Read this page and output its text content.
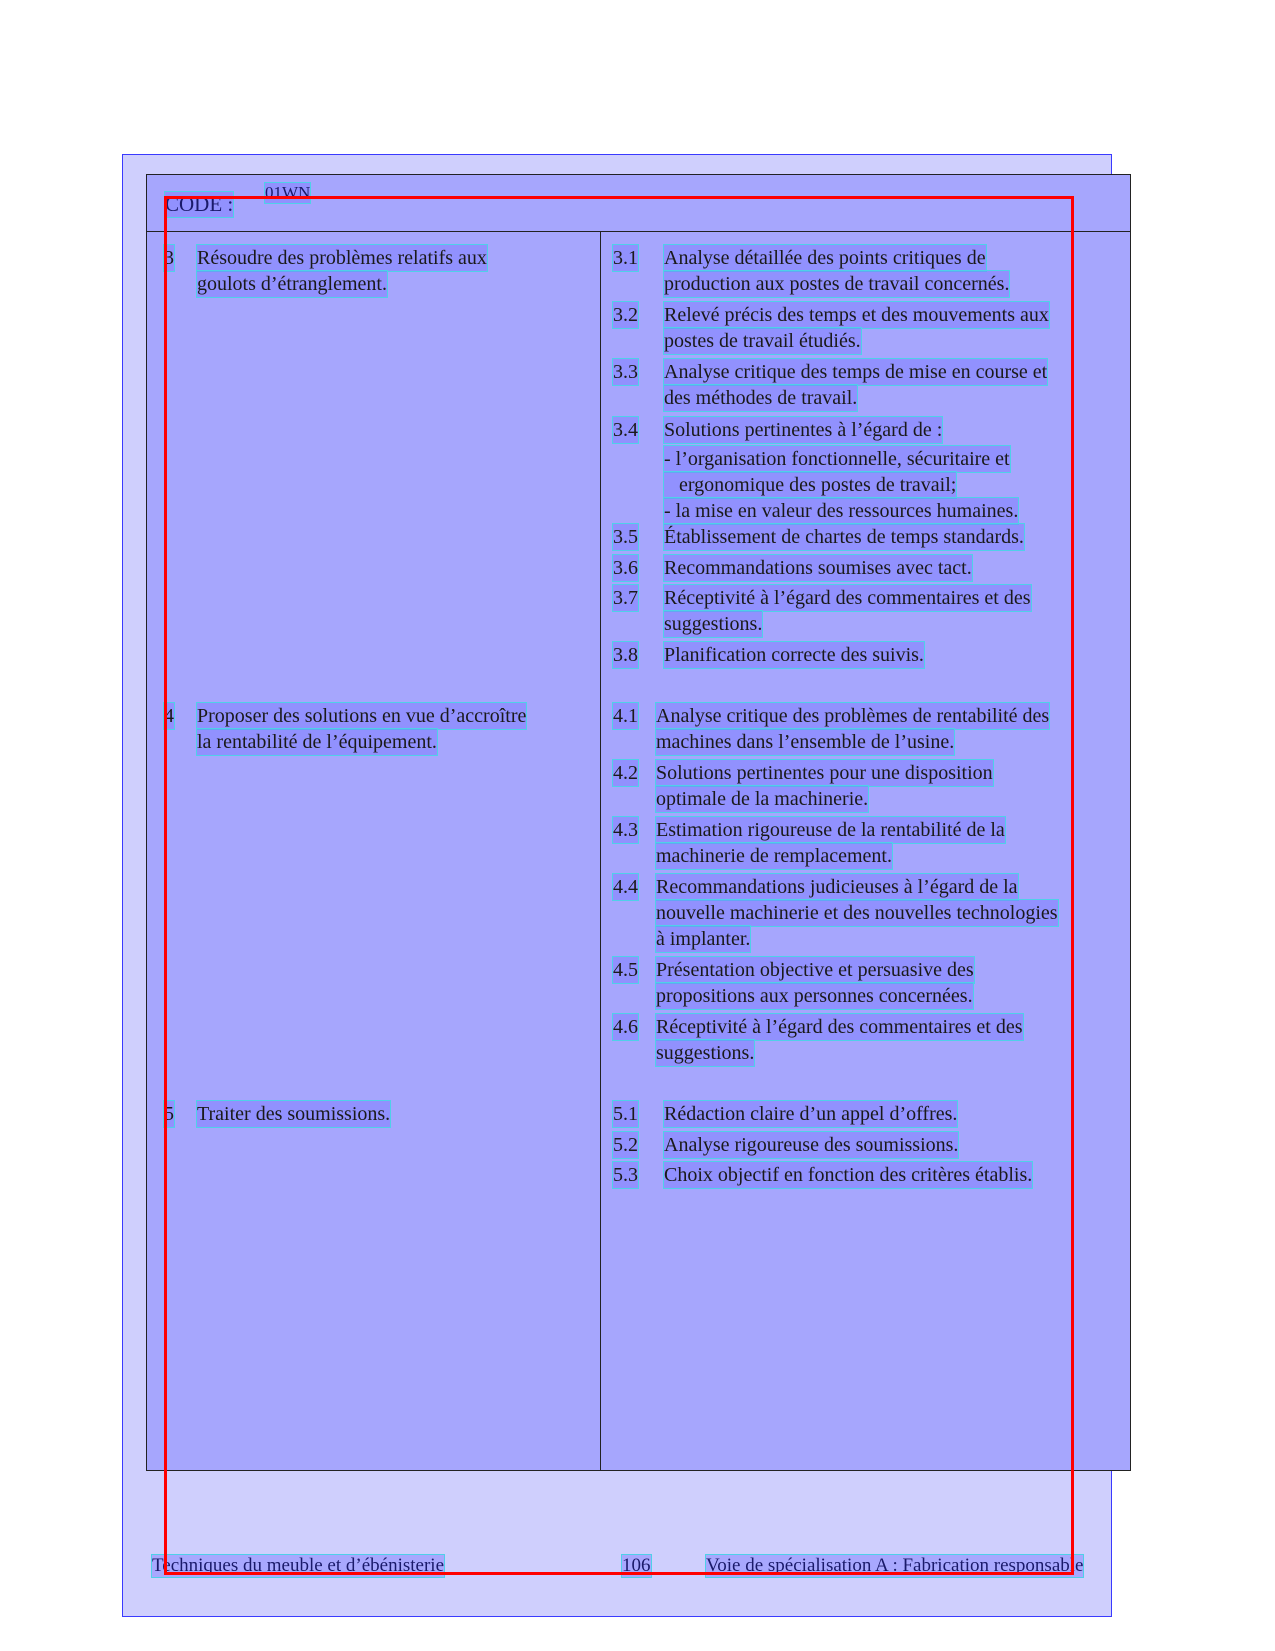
CODE : 01WN
3 Résoudre des problèmes relatifs aux
goulots d’étranglement.
3.1 Analyse détaillée des points critiques de
production aux postes de travail concernés.
3.2 Relevé précis des temps et des mouvements aux
postes de travail étudiés.
3.3 Analyse critique des temps de mise en course et
des méthodes de travail.
3.4 Solutions pertinentes à l’égard de :
- l’organisation fonctionnelle, sécuritaire et
ergonomique des postes de travail;
- la mise en valeur des ressources humaines.
3.5 Établissement de chartes de temps standards.
3.6 Recommandations soumises avec tact.
3.7 Réceptivité à l’égard des commentaires et des
suggestions.
3.8 Planification correcte des suivis.
4 Proposer des solutions en vue d’accroître
la rentabilité de l’équipement.
4.1 Analyse critique des problèmes de rentabilité des
machines dans l’ensemble de l’usine.
4.2 Solutions pertinentes pour une disposition
optimale de la machinerie.
4.3 Estimation rigoureuse de la rentabilité de la
machinerie de remplacement.
4.4 Recommandations judicieuses à l’égard de la
nouvelle machinerie et des nouvelles technologies
à implanter.
4.5 Présentation objective et persuasive des
propositions aux personnes concernées.
4.6 Réceptivité à l’égard des commentaires et des
suggestions.
5 Traiter des soumissions.	5.1 Rédaction claire d’un appel d’offres.
5.2 Analyse rigoureuse des soumissions.
5.3 Choix objectif en fonction des critères établis.
Techniques du meuble et d’ébénisterie	106	Voie de spécialisation A : Fabrication responsable
